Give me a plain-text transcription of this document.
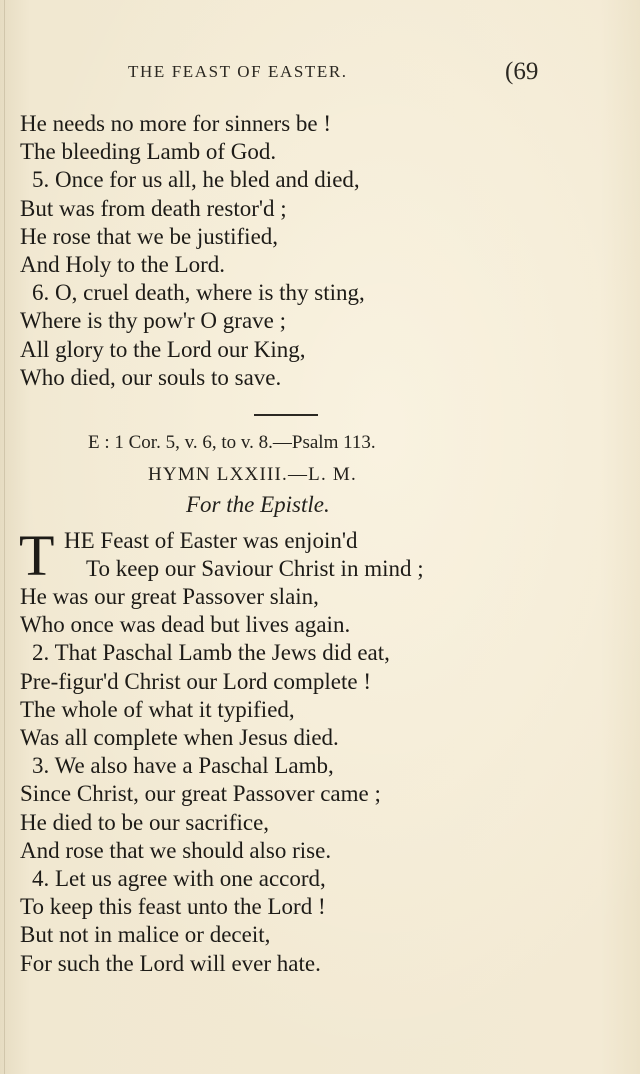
THE FEAST OF EASTER.	(69
He needs no more for sinners be !
The bleeding Lamb of God.
5. Once for us all, he bled and died,
But was from death restor'd ;
He rose that we be justified,
And Holy to the Lord.
6. O, cruel death, where is thy sting,
Where is thy pow'r O grave ;
All glory to the Lord our King,
Who died, our souls to save.
E : 1 Cor. 5, v. 6, to v. 8.—Psalm 113.
HYMN LXXIII.—L. M.
For the Epistle.
T HE Feast of Easter was enjoin'd
To keep our Saviour Christ in mind ;
He was our great Passover slain,
Who once was dead but lives again.
2. That Paschal Lamb the Jews did eat,
Pre-figur'd Christ our Lord complete !
The whole of what it typified,
Was all complete when Jesus died.
3. We also have a Paschal Lamb,
Since Christ, our great Passover came ;
He died to be our sacrifice,
And rose that we should also rise.
4. Let us agree with one accord,
To keep this feast unto the Lord !
But not in malice or deceit,
For such the Lord will ever hate.
